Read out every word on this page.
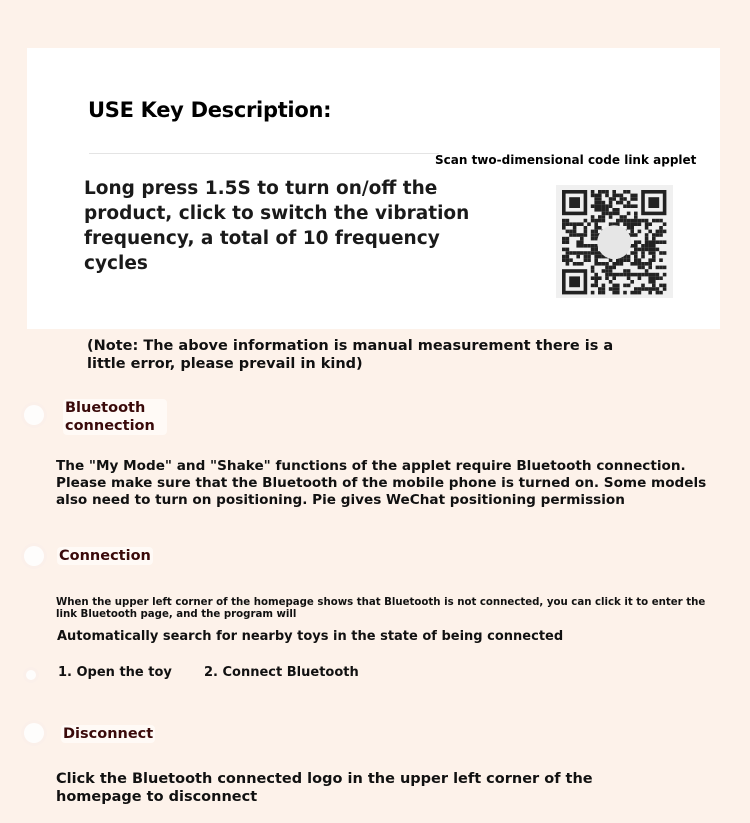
USE Key Description:
Scan two-dimensional code link applet
Long press 1.5S to turn on/off the product, click to switch the vibration frequency, a total of 10 frequency cycles
(Note: The above information is manual measurement there is a little error, please prevail in kind)
Bluetooth connection
The "My Mode" and "Shake" functions of the applet require Bluetooth connection. Please make sure that the Bluetooth of the mobile phone is turned on. Some models also need to turn on positioning. Pie gives WeChat positioning permission
Connection
When the upper left corner of the homepage shows that Bluetooth is not connected, you can click it to enter the link Bluetooth page, and the program will
Automatically search for nearby toys in the state of being connected
1. Open the toy 2. Connect Bluetooth
Disconnect
Click the Bluetooth connected logo in the upper left corner of the homepage to disconnect
